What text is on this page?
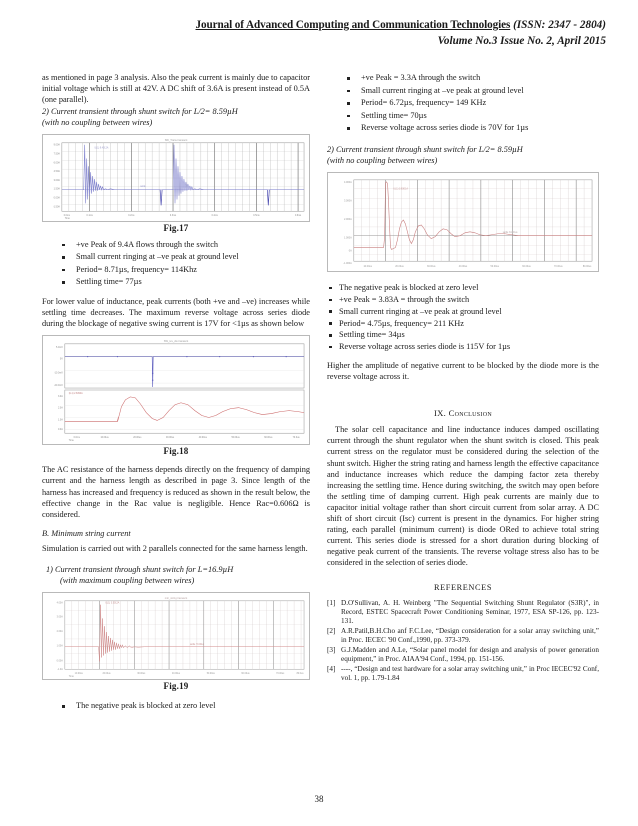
Journal of Advanced Computing and Communication Technologies (ISSN: 2347 - 2804)
Volume No.3 Issue No. 2, April 2015

as mentioned in page 3 analysis. Also the peak current is mainly due to capacitor initial voltage which is still at 42V. A DC shift of 3.6A is present instead of 0.5A (one parallel).

2) Current transient through shunt switch for L/2= 8.59µH

(with no coupling between wires)

SW_Trans transient
9.00A
7.50A
6.00A
4.50A
3.00A
1.50A
0.00A
-1.50A
I(L1) 9.4012A
settle
0.0ms	0.1ms	0.2ms	0.3ms	0.4ms	0.5ms	0.6ms
Time
Fig.17
+ve Peak of 9.4A flows through the switch
Small current ringing at –ve peak at ground level
Period= 8.71µs, frequency= 114Khz
Settling time= 77µs

For lower value of inductance, peak currents (both +ve and –ve) increases while settling time decreases. The maximum reverse voltage across series diode during the blockage of negative swing current is 17V for <1µs as shown below

SW_rev_dio transient
5.0mV
0V
-10.0mV
-20.0mV
3.0A
2.0A
1.0A
0.0A
I(L1) 2.6393A
0.0ms	10.00us	20.00us	30.00us	40.00us	50.00us	60.00us	70.0us
Time
Fig.18

The AC resistance of the harness depends directly on the frequency of damping current and the harness length as described in page 3. Since length of the harness has increased and frequency is reduced as shown in the result below, the effective change in the Rac value is negligible. Hence Rac=0.606Ω is considered.

B. Minimum string current

Simulation is carried out with 2 parallels connected for the same harness length.

1) Current transient through shunt switch for L=16.9µH

(with maximum coupling between wires)

min_string transient
4.00A
3.00A
2.00A
1.00A
0.00A
-1.0A
I(L1) 3.3012A
settle 70.00us
10.00us	20.00us	30.00us	40.00us	50.00us	60.00us	70.00us	80.0us
Time
Fig.19
The negative peak is blocked at zero level
+ve Peak = 3.3A through the switch
Small current ringing at –ve peak at ground level
Period= 6.72µs, frequency= 149 KHz
Settling time= 70µs
Reverse voltage across series diode is 70V for 1µs

2) Current transient through shunt switch for L/2= 8.59µH

(with no coupling between wires)

4.000A
3.000A
2.000A
1.000A
0A
-1.000A
I(L1) 3.8301A
settle 34.00us
10.00us	20.00us	30.00us	40.00us	50.00us	60.00us	70.00us	80.00us
The negative peak is blocked at zero level
+ve Peak = 3.83A = through the switch
Small current ringing at –ve peak at ground level
Period= 4.75µs, frequency= 211 KHz
Settling time= 34µs
Reverse voltage across series diode is 115V for 1µs

Higher the amplitude of negative current to be blocked by the diode more is the reverse voltage across it.

IX. Conclusion

The solar cell capacitance and line inductance induces damped oscillating current through the shunt regulator when the shunt switch is closed. This peak current stress on the regulator must be considered during the selection of the shunt switch. Higher the string rating and harness length the effective capacitance and inductance increases which reduce the damping factor zeta thereby increasing the settling time. Hence during switching, the switch may open before the settling time of damping current. High peak currents are mainly due to capacitor initial voltage rather than short circuit current from solar array. A DC shift of short circuit (Isc) current is present in the dynamics. For higher string rating, each parallel (minimum current) is diode ORed to achieve total string current. This series diode is stressed for a short duration during blocking of negative peak current of the transients. The reverse voltage stress also has to be considered in the selection of series diode.

REFERENCES
[1] D.O'Sullivan, A. H. Weinberg "The Sequential Switching Shunt Regulator (S3R)", in Record, ESTEC Spacecraft Power Conditioning Seminar, 1977, ESA SP-126, pp. 123-131.
[2] A.R.Patil,B.H.Cho anf F.C.Lee, “Design consideration for a solar array switching unit,” in Proc. IECEC '90 Conf.,1990, pp. 373-379.
[3] G.J.Madden and A.Le, “Solar panel model for design and analysis of power generation equipment,” in Proc. AIAA'94 Conf., 1994, pp. 151-156.
[4] ----, “Design and test hardware for a solar array switching unit,” in Proc IECEC'92 Conf, vol. 1, pp. 1.79-1.84
38
